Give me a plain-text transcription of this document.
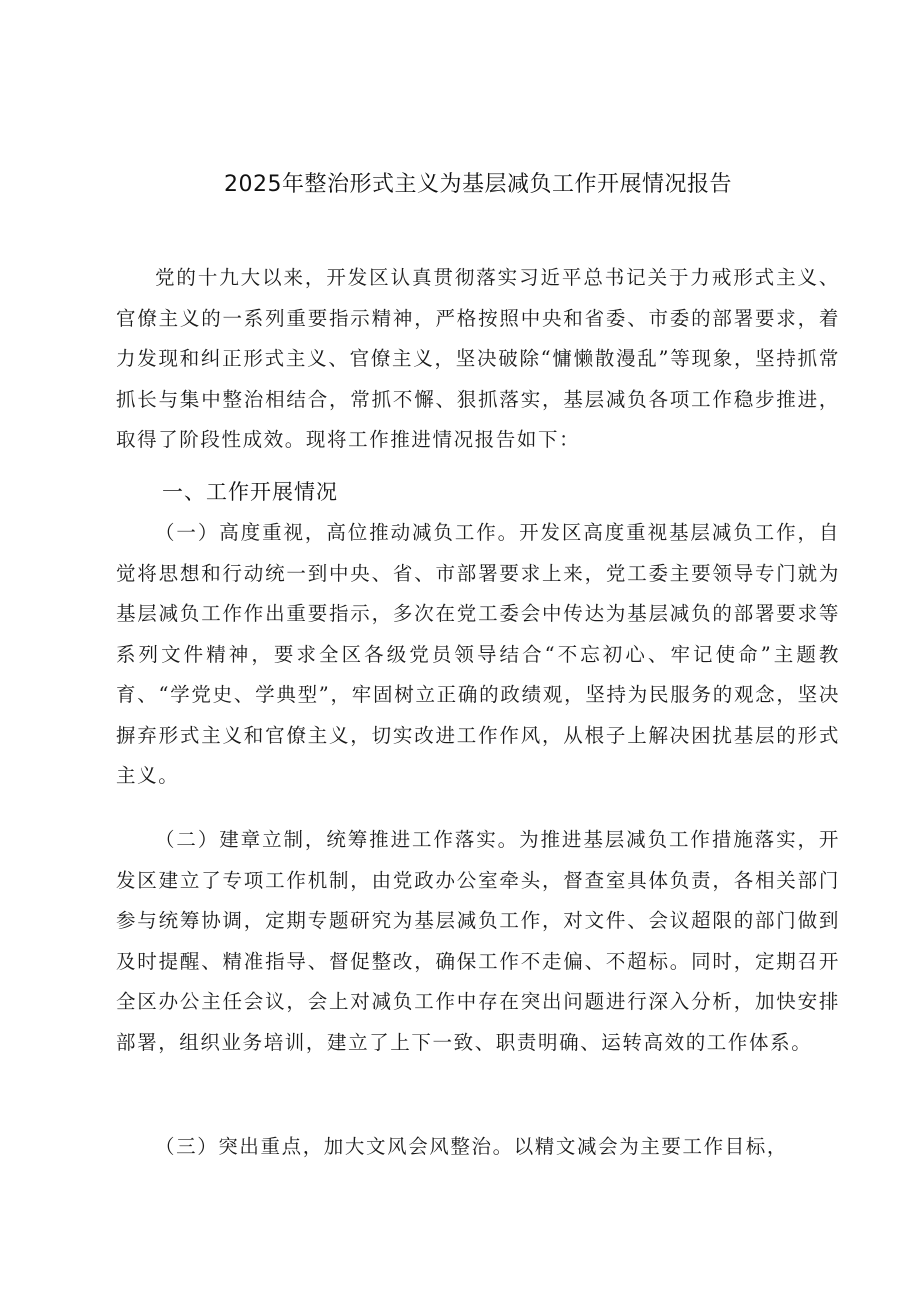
2025年整治形式主义为基层减负工作开展情况报告

党的十九大以来，开发区认真贯彻落实习近平总书记关于力戒形式主义、官僚主义的一系列重要指示精神，严格按照中央和省委、市委的部署要求，着力发现和纠正形式主义、官僚主义，坚决破除“慵懒散漫乱”等现象，坚持抓常抓长与集中整治相结合，常抓不懈、狠抓落实，基层减负各项工作稳步推进，取得了阶段性成效。现将工作推进情况报告如下：

一、工作开展情况

（一）高度重视，高位推动减负工作。开发区高度重视基层减负工作，自觉将思想和行动统一到中央、省、市部署要求上来，党工委主要领导专门就为基层减负工作作出重要指示，多次在党工委会中传达为基层减负的部署要求等系列文件精神，要求全区各级党员领导结合“不忘初心、牢记使命”主题教育、“学党史、学典型”，牢固树立正确的政绩观，坚持为民服务的观念，坚决摒弃形式主义和官僚主义，切实改进工作作风，从根子上解决困扰基层的形式主义。

（二）建章立制，统筹推进工作落实。为推进基层减负工作措施落实，开发区建立了专项工作机制，由党政办公室牵头，督查室具体负责，各相关部门参与统筹协调，定期专题研究为基层减负工作，对文件、会议超限的部门做到及时提醒、精准指导、督促整改，确保工作不走偏、不超标。同时，定期召开全区办公主任会议，会上对减负工作中存在突出问题进行深入分析，加快安排部署，组织业务培训，建立了上下一致、职责明确、运转高效的工作体系。

（三）突出重点，加大文风会风整治。以精文减会为主要工作目标，
